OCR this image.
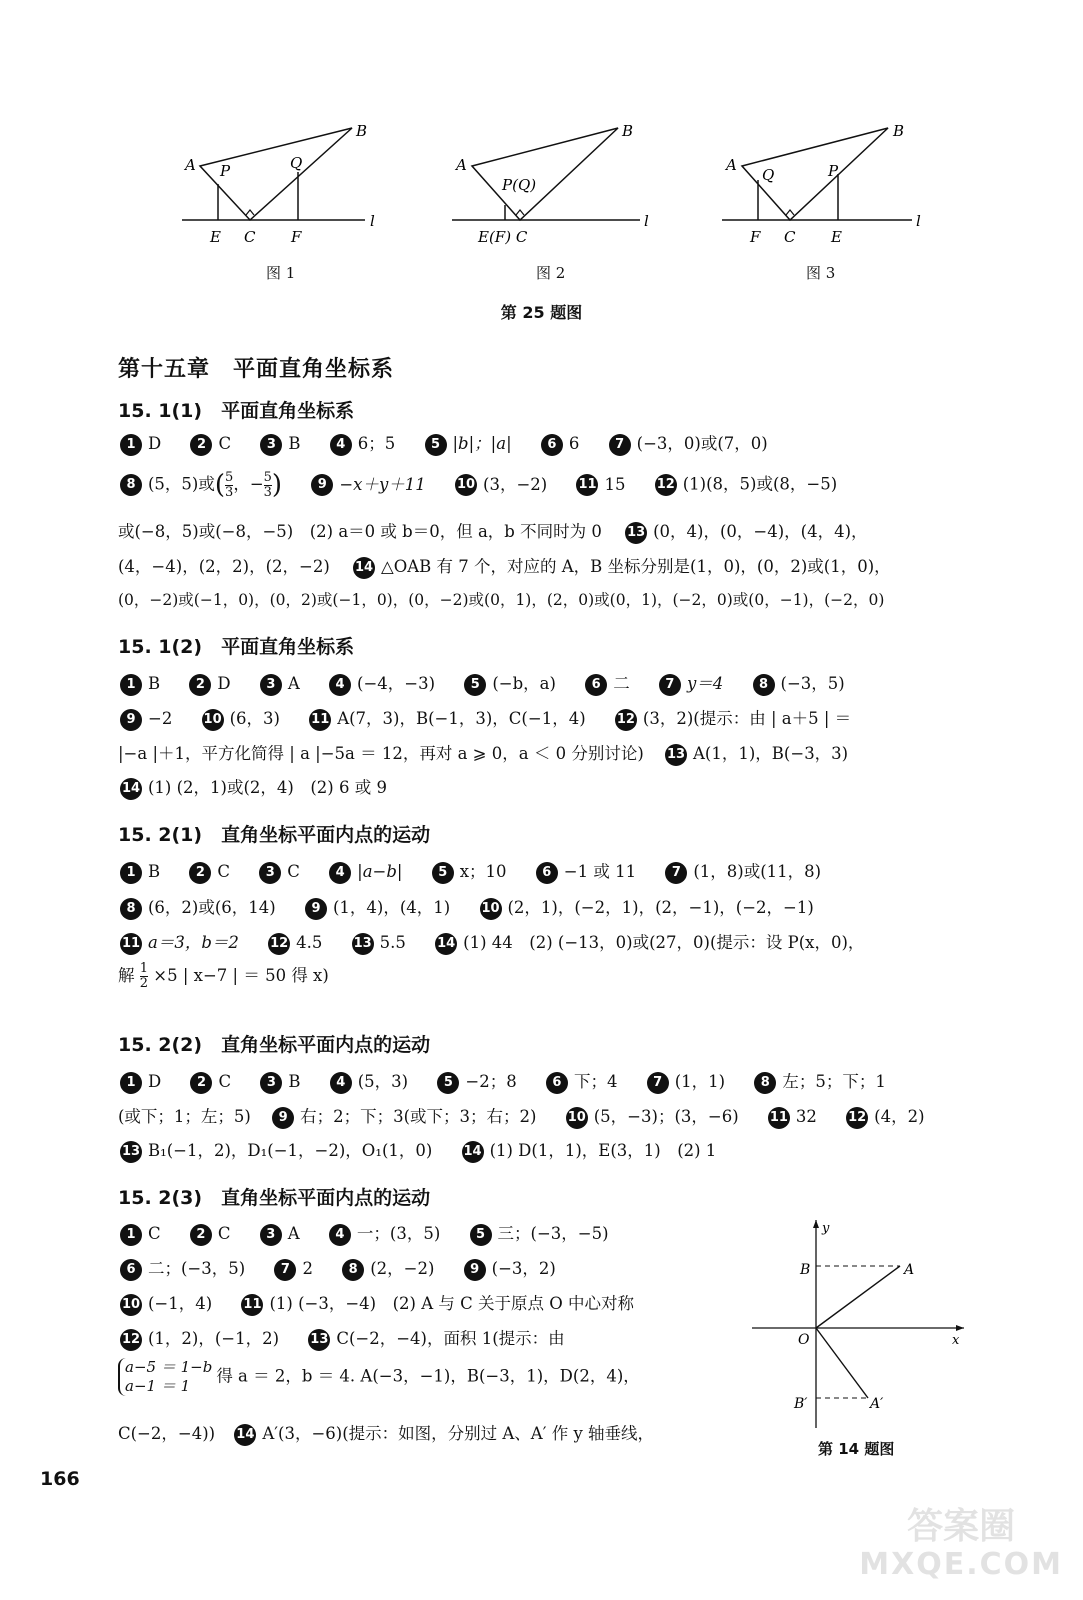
A
B
P	Q
E C F
l
A
B
P(Q)
E(F) C
l
A
B
Q	P
F C E
l
图 1	图 2	图 3
第 25 题图
第十五章　平面直角坐标系
15. 1(1)　平面直角坐标系
1 D	2 C	3 B	4 6；5	5 |b|；|a|	6 6	7 (−3，0)或(7，0)
8 (5，5)或( $\frac{5}{3}$ ，− $\frac{5}{3}$ )	9 −x＋y＋11 10 (3，−2) 11 15 12 (1)(8，5)或(8，−5)
或(−8，5)或(−8，−5)　(2) a＝0 或 b＝0，但 a，b 不同时为 0 13 (0，4)，(0，−4)，(4，4)，
(4，−4)，(2，2)，(2，−2) 14 △OAB 有 7 个，对应的 A，B 坐标分别是(1，0)，(0，2)或(1，0)，
(0，−2)或(−1，0)，(0，2)或(−1，0)，(0，−2)或(0，1)，(2，0)或(0，1)，(−2，0)或(0，−1)，(−2，0)
15. 1(2)　平面直角坐标系
1 B	2 D	3 A	4 (−4，−3)	5 (−b，a)	6 二	7 y＝4	8 (−3，5)
9 −2 10 (6，3) 11 A(7，3)，B(−1，3)，C(−1，4) 12 (3，2)(提示：由 | a＋5 | ＝
|−a |＋1，平方化简得 | a |−5a ＝ 12，再对 a ⩾ 0，a ＜ 0 分别讨论) 13 A(1，1)，B(−3，3)
14 (1) (2，1)或(2，4)　(2) 6 或 9
15. 2(1)　直角坐标平面内点的运动
1 B	2 C	3 C	4 |a−b|	5 x；10	6 −1 或 11	7 (1，8)或(11，8)
8 (6，2)或(6，14)	9 (1，4)，(4，1) 10 (2，1)，(−2，1)，(2，−1)，(−2，−1)
11 a＝3，b＝2 12 4.5 13 5.5 14 (1) 44　(2) (−13，0)或(27，0)(提示：设 P(x，0)，
解 $\frac{1}{2} \times 5$ | x−7 | ＝ 50 得 x)
15. 2(2)　直角坐标平面内点的运动
1 D	2 C	3 B	4 (5，3)	5 −2；8	6 下；4	7 (1，1)	8 左；5；下；1
(或下；1；左；5) 9 右；2；下；3(或下；3；右；2) 10 (5，−3)；(3，−6) 11 32 12 (4，2)
13 B₁(−1，2)，D₁(−1，−2)，O₁(1，0) 14 (1) D(1，1)，E(3，1)　(2) 1
15. 2(3)　直角坐标平面内点的运动
1 C	2 C	3 A	4 一；(3，5)	5 三；(−3，−5)
6 二；(−3，5)	7 2	8 (2，−2)	9 (−3，2)
10 (−1，4) 11 (1) (−3，−4)　(2) A 与 C 关于原点 O 中心对称
12 (1，2)，(−1，2) 13 C(−2，−4)，面积 1(提示：由
a−5 ＝ 1−b
a−1 ＝ 1
得 a ＝ 2，b ＝ 4. A(−3，−1)，B(−3，1)，D(2，4)，
C(−2，−4)) 14 A′(3，−6)(提示：如图，分别过 A、A′ 作 y 轴垂线，
y
x
O
B	A
B′	A′
第 14 题图
166
答案圈
MXQE.COM
